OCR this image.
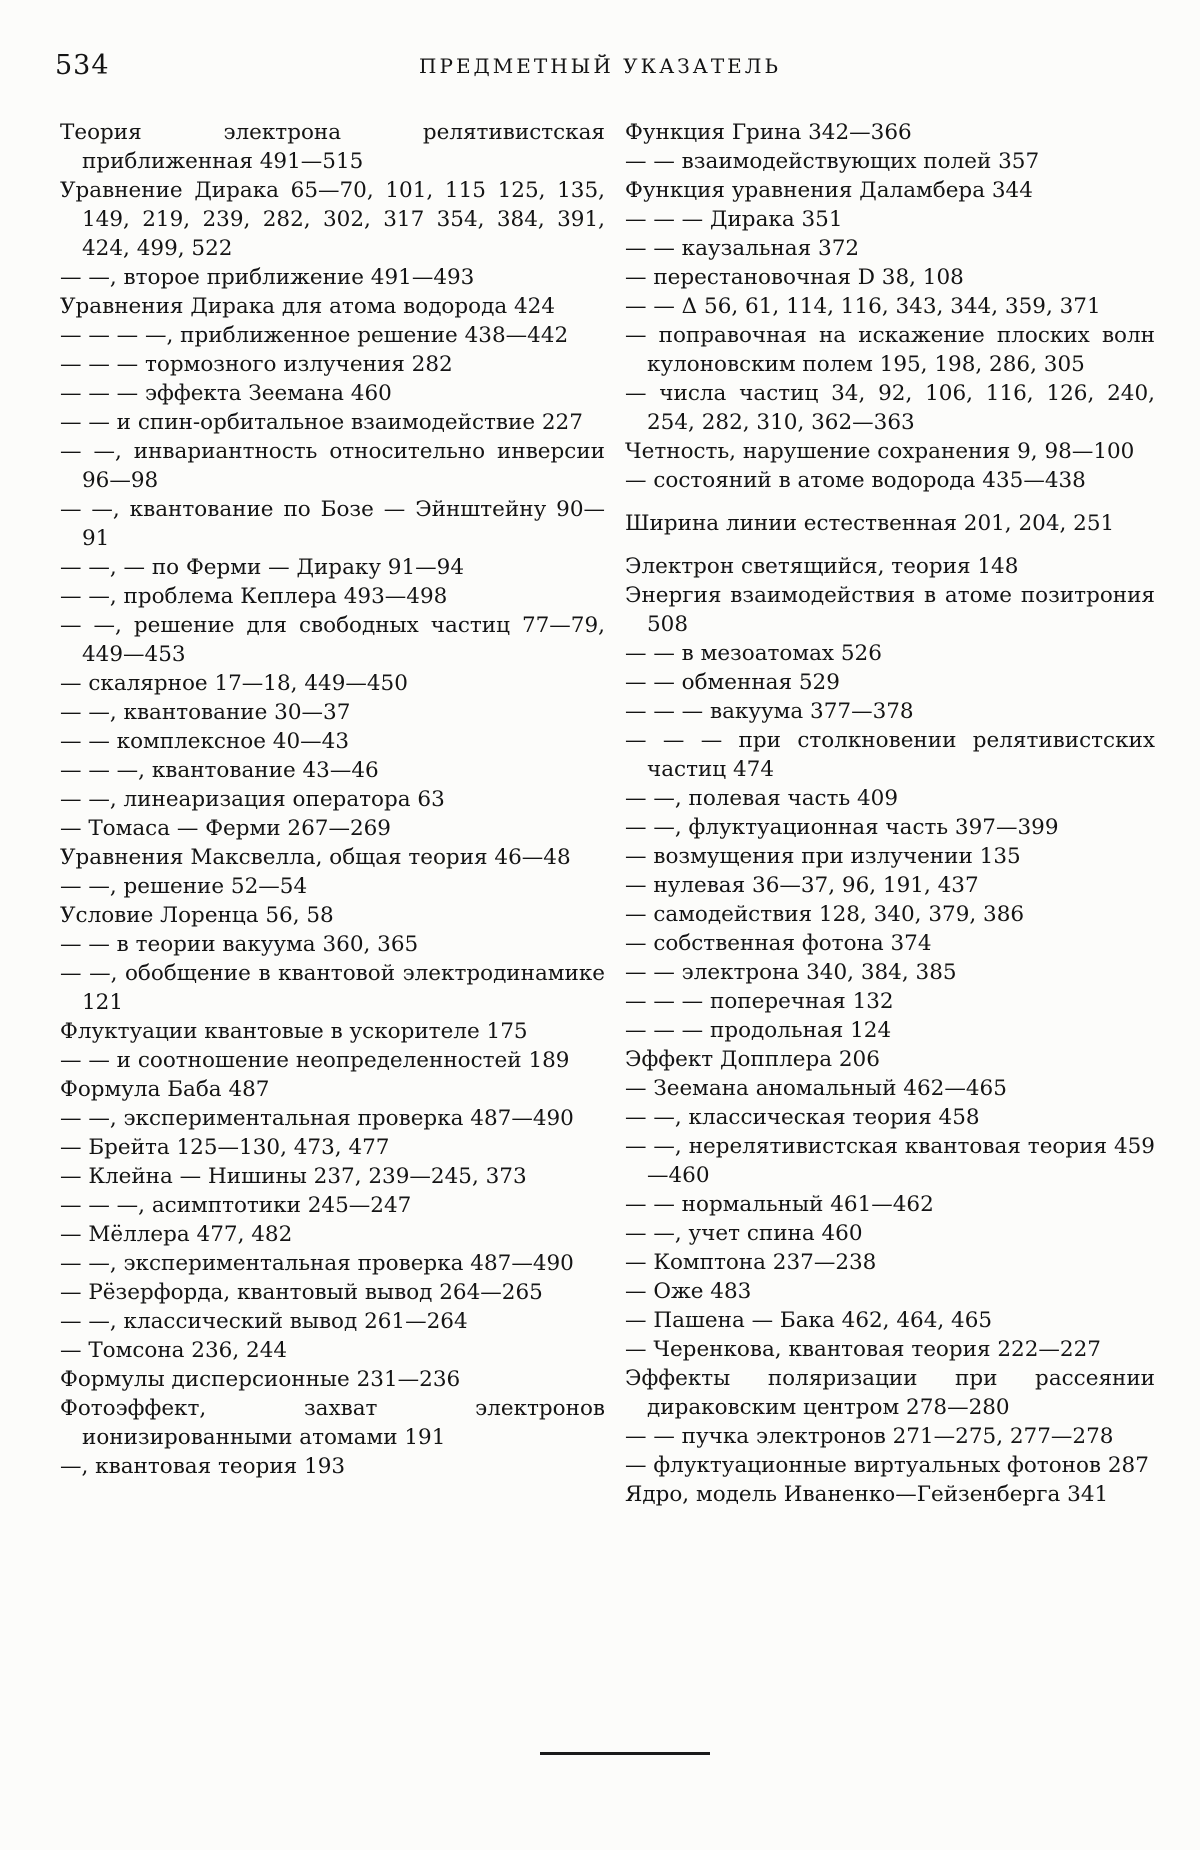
534	ПРЕДМЕТНЫЙ УКАЗАТЕЛЬ
Теория электрона релятивистская приближенная 491—515
Уравнение Дирака 65—70, 101, 115 125, 135, 149, 219, 239, 282, 302, 317 354, 384, 391, 424, 499, 522
— —, второе приближение 491—493
Уравнения Дирака для атома водорода 424
— — — —, приближенное решение 438—442
— — — тормозного излучения 282
— — — эффекта Зеемана 460
— — и спин-орбитальное взаимодействие 227
— —, инвариантность относительно инверсии 96—98
— —, квантование по Бозе — Эйнштейну 90—91
— —, — по Ферми — Дираку 91—94
— —, проблема Кеплера 493—498
— —, решение для свободных частиц 77—79, 449—453
— скалярное 17—18, 449—450
— —, квантование 30—37
— — комплексное 40—43
— — —, квантование 43—46
— —, линеаризация оператора 63
— Томаса — Ферми 267—269
Уравнения Максвелла, общая теория 46—48
— —, решение 52—54
Условие Лоренца 56, 58
— — в теории вакуума 360, 365
— —, обобщение в квантовой электродинамике 121
Флуктуации квантовые в ускорителе 175
— — и соотношение неопределенностей 189
Формула Баба 487
— —, экспериментальная проверка 487—490
— Брейта 125—130, 473, 477
— Клейна — Нишины 237, 239—245, 373
— — —, асимптотики 245—247
— Мёллера 477, 482
— —, экспериментальная проверка 487—490
— Рёзерфорда, квантовый вывод 264—265
— —, классический вывод 261—264
— Томсона 236, 244
Формулы дисперсионные 231—236
Фотоэффект, захват электронов ионизированными атомами 191
—, квантовая теория 193
Функция Грина 342—366
— — взаимодействующих полей 357
Функция уравнения Даламбера 344
— — — Дирака 351
— — каузальная 372
— перестановочная D 38, 108
— — Δ 56, 61, 114, 116, 343, 344, 359, 371
— поправочная на искажение плоских волн кулоновским полем 195, 198, 286, 305
— числа частиц 34, 92, 106, 116, 126, 240, 254, 282, 310, 362—363
Четность, нарушение сохранения 9, 98—100
— состояний в атоме водорода 435—438
Ширина линии естественная 201, 204, 251
Электрон светящийся, теория 148
Энергия взаимодействия в атоме позитрония 508
— — в мезоатомах 526
— — обменная 529
— — — вакуума 377—378
— — — при столкновении релятивистских частиц 474
— —, полевая часть 409
— —, флуктуационная часть 397—399
— возмущения при излучении 135
— нулевая 36—37, 96, 191, 437
— самодействия 128, 340, 379, 386
— собственная фотона 374
— — электрона 340, 384, 385
— — — поперечная 132
— — — продольная 124
Эффект Допплера 206
— Зеемана аномальный 462—465
— —, классическая теория 458
— —, нерелятивистская квантовая теория 459—460
— — нормальный 461—462
— —, учет спина 460
— Комптона 237—238
— Оже 483
— Пашена — Бака 462, 464, 465
— Черенкова, квантовая теория 222—227
Эффекты поляризации при рассеянии дираковским центром 278—280
— — пучка электронов 271—275, 277—278
— флуктуационные виртуальных фотонов 287
Ядро, модель Иваненко—Гейзенберга 341
